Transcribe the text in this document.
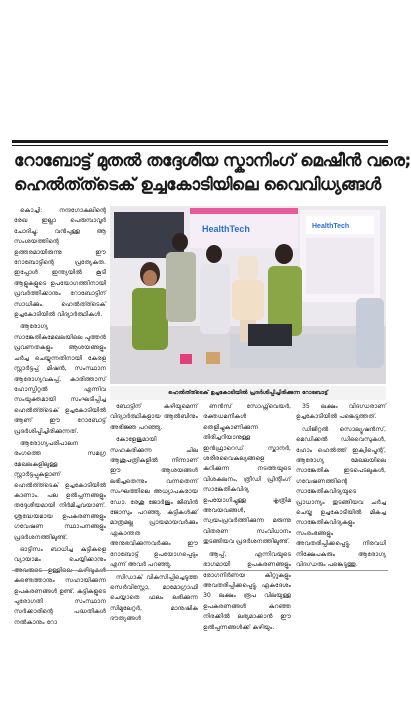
റോബോട്ട് മുതൽ തദ്ദേശീയ സ്കാനിംഗ് മെഷീൻ വരെ;
ഹെൽത്ത്ടെക് ഉച്ചകോടിയിലെ വൈവിധ്യങ്ങൾ

കൊച്ചി: നന്ദഗോകുലിന്റെ രേഖ ഇല്ലാ പെരുമ്പാവൂർ ചോദിച്ചു; വൻപുള്ള ആ സംശയത്തിന്റെ ഉത്തരമായിരുന്നു ഈ റോബോട്ടിന്റെ പ്രത്യേകത. ഇപ്പോൾ ഇന്ത്യയിൽ കൂടി ആളുകളുടെ ഉപയോഗത്തിനായി പ്രവർത്തിക്കാനും റോബോട്ടിന് സാധിക്കും. ഹെൽത്ത്ടെക് ഉച്ചകോടിയിൽ വിദ്യാർത്ഥികൾ.

ആരോഗ്യ സാങ്കേതികമേഖലയിലെ പുത്തൻ പ്രവണതകളും ആശയങ്ങളും ചർച്ച ചെയ്യുന്നതിനായി കേരള സ്റ്റാർട്ടപ്പ് മിഷൻ, സംസ്ഥാന ആരോഗ്യവകുപ്പ്, കാരിത്താസ് ഹോസ്പിറ്റൽ എന്നിവ സംയുക്തമായി സംഘടിപ്പിച്ച ഹെൽത്ത്ടെക് ഉച്ചകോടിയിൽ ആണ് ഈ റോബോട്ട് പ്രദർശിപ്പിച്ചിരിക്കുന്നത്.

ആരോഗ്യപരിപാലന രംഗത്തെ സമഗ്ര മേഖലകളിലുള്ള സ്റ്റാർട്ടപ്പുകളാണ് ഹെൽത്ത്ടെക് ഉച്ചകോടിയിൽ കാണാം. പല ഉൽപ്പന്നങ്ങളും തദ്ദേശീയമായി നിർമിച്ചവയാണ്. ശ്രദ്ധേയമായ ഉപകരണങ്ങളും ഗവേഷണ സ്ഥാപനങ്ങളും പ്രദർശനത്തിലുണ്ട്.

ഓട്ടിസം ബാധിച്ച കുട്ടികളെ വ്യായാമം ചെയ്യിക്കാനും കണ്ടെത്താനും സഹായിക്കുന്ന ഉപകരണങ്ങൾ ഉണ്ട്. കുട്ടികളുടെ പുരോഗതി സംസ്ഥാന സർക്കാരിന്റെ പദ്ധതികൾ നൽകാനും റോ

HealthTech	HealthTech
ഹെൽത്ത്ടെക് ഉച്ചകോടിയിൽ പ്രദർശിപ്പിച്ചിരിക്കുന്ന റോബോട്ട്

ബോട്ടിന് കഴിയുമെന്ന് വിദ്യാർത്ഥികളായ ആൽബിനും അഭിജ്ഞ പറഞ്ഞു.

കോളേജുമായി സഹകരിക്കുന്ന ചില ആശുപത്രികളിൽ നിന്നാണ് ഈ ആശയങ്ങൾ ലഭിച്ചതെന്നും വന്നതെന്ന് സംഘത്തിലെ അധ്യാപകരായ ഡോ. രേശു ജോർജും ജിബിൻ ജോസും പറഞ്ഞു. കുട്ടികൾക്ക് മാത്രമല്ല പ്രായമായവർക്കും ഏകാന്തത അനുഭവിക്കുന്നവർക്കും ഈ റോബോട്ട് ഉപയോഗപ്പെടും എന്ന് അവർ പറഞ്ഞു.

സിഡാക് വികസിപ്പിച്ചെടുത്ത സെർവിസ്റ്റോ, മാമോഗ്രാഫി ചെയ്യാതെ ഫലം ലഭിക്കുന്ന സിമുലേറ്റർ, മാനുഷിക ദൗത്യങ്ങൾ

ണൻസ് സോഫ്റ്റ്‌വെയർ, രക്തധമനികൾ തെളിച്ചുകാണിക്കുന്ന തിരിച്ചറിയാനുള്ള ഇൻഫ്രാറെഡ് സ്കാനർ, ശരീരവൈകല്യങ്ങളെ കുറിക്കുന്ന നടത്തയുടെ വിശകലനം, ത്രീഡി പ്രിന്റിംഗ് സാങ്കേതികവിദ്യ ഉപയോഗിച്ചുള്ള കൃത്രിമ അവയവങ്ങൾ, സ്വയംപ്രവർത്തിക്കുന്ന മരുന്നു വിതരണ സംവിധാനം തുടങ്ങിയവ പ്രദർശനത്തിലുണ്ട്.

ആപ്പ്, എന്നിവയുടെ ഭാഗമായി ഉപകരണങ്ങളും രോഗനിർണയ കിറ്റുകളും അവതരിപ്പിക്കപ്പെട്ടു. ഏകദേശം 30 ലക്ഷം രൂപ വിലയുള്ള ഉപകരണങ്ങൾ കുറഞ്ഞ നിരക്കിൽ ലഭ്യമാക്കാൻ ഈ ഉൽപ്പന്നങ്ങൾക്ക് കഴിയും.

35 ലക്ഷം വിദഗ്ധരാണ് ഉച്ചകോടിയിൽ പങ്കെടുത്തത്.

ഡിജിറ്റൽ സൊല്യൂഷൻസ്, മെഡിക്കൽ ഡിവൈസുകൾ, ഹോം ഹെൽത്ത് ഇക്വിപ്മെന്റ്, ആരോഗ്യ മേഖലയിലെ സാങ്കേതിക ഇടപെടലുകൾ, ഗവേഷണത്തിന്റെ സാങ്കേതികവിദ്യയുടെ പ്രാധാന്യം തുടങ്ങിയവ ചർച്ച ചെയ്ത ഉച്ചകോടിയിൽ മികച്ച സാങ്കേതികവിദ്യകളും സംരംഭങ്ങളും അവതരിപ്പിക്കപ്പെട്ടു. നിരവധി നിക്ഷേപകരും ആരോഗ്യ വിദഗ്ധരും പങ്കെടുത്തു.
